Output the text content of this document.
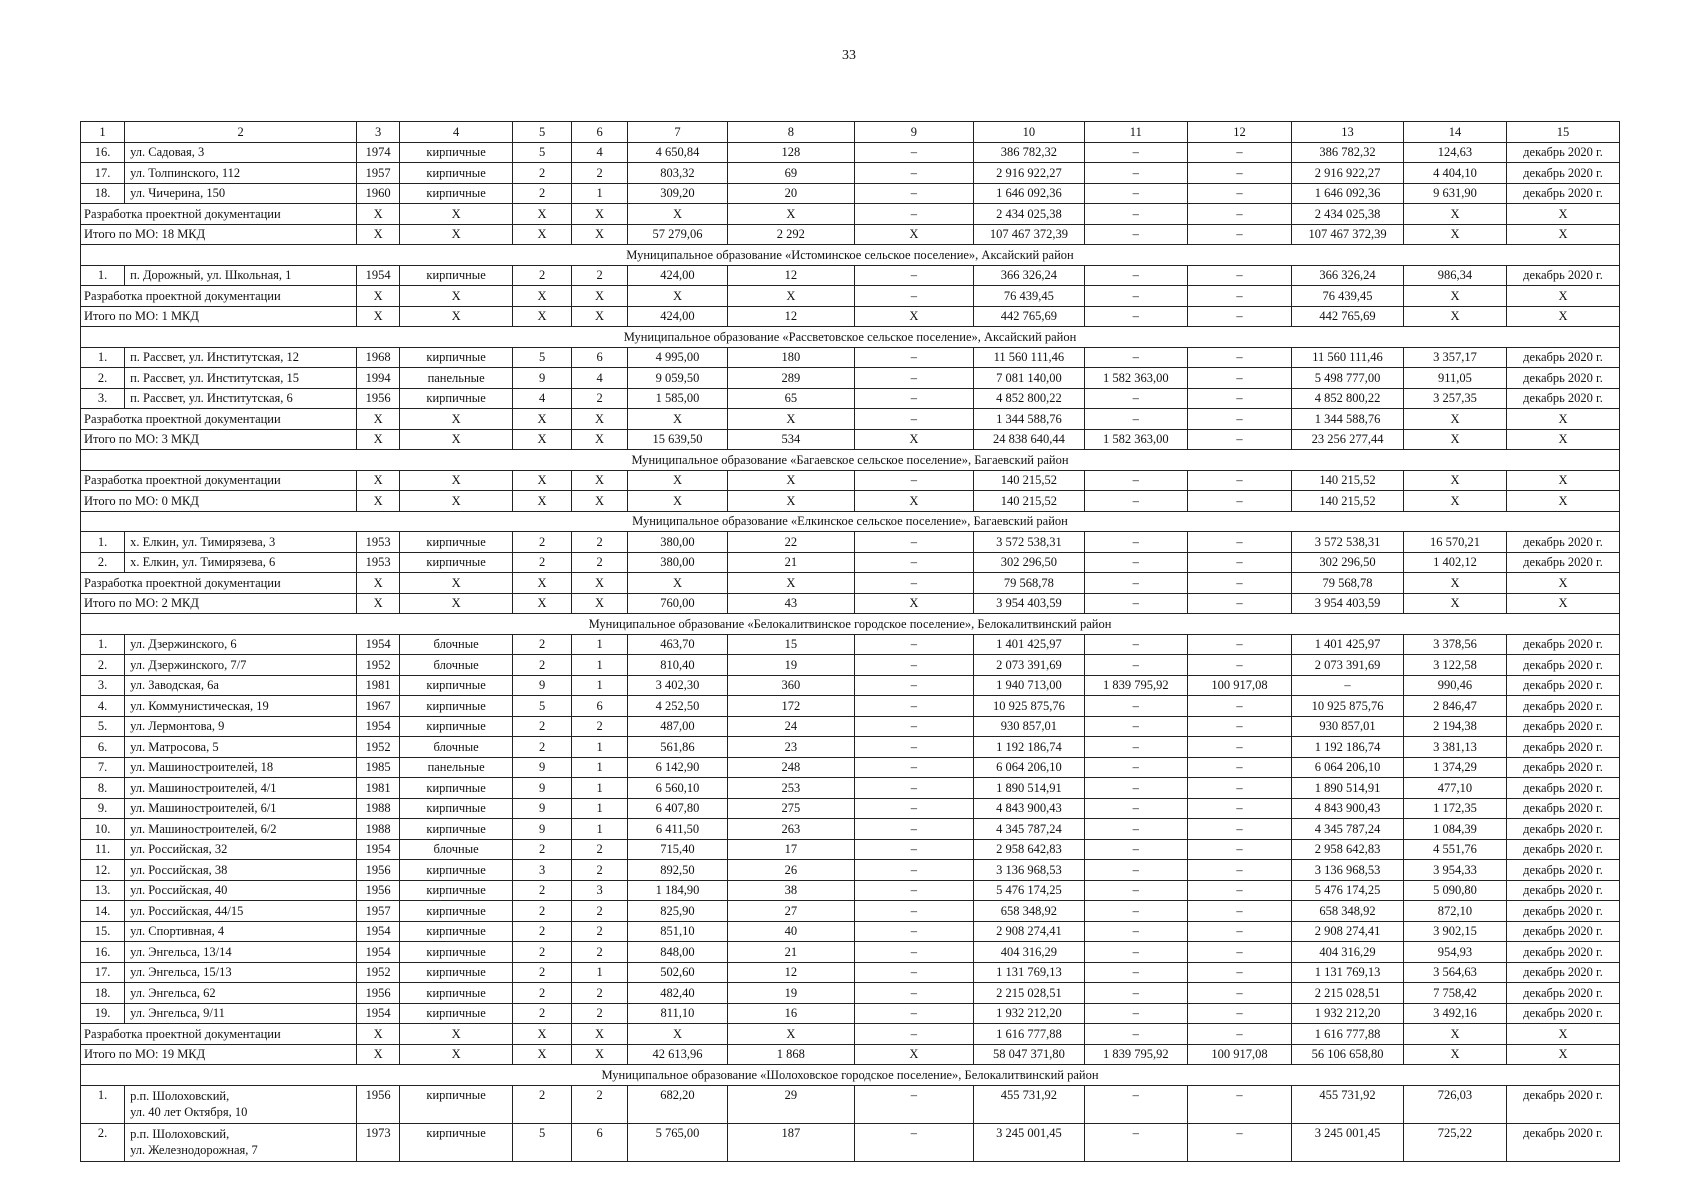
33
1	2	3	4	5	6	7	8	9	10	11	12	13	14	15
16.	ул. Садовая, 3	1974	кирпичные	5	4	4 650,84	128	–	386 782,32	–	–	386 782,32	124,63	декабрь 2020 г.
17.	ул. Толпинского, 112	1957	кирпичные	2	2	803,32	69	–	2 916 922,27	–	–	2 916 922,27	4 404,10	декабрь 2020 г.
18.	ул. Чичерина, 150	1960	кирпичные	2	1	309,20	20	–	1 646 092,36	–	–	1 646 092,36	9 631,90	декабрь 2020 г.
Разработка проектной документации		X	X	X	X	X	X	–	2 434 025,38	–	–	2 434 025,38	X	X
Итого по МО: 18 МКД		X	X	X	X	57 279,06	2 292	X	107 467 372,39	–	–	107 467 372,39	X	X
Муниципальное образование «Истоминское сельское поселение», Аксайский район														
1.	п. Дорожный, ул. Школьная, 1	1954	кирпичные	2	2	424,00	12	–	366 326,24	–	–	366 326,24	986,34	декабрь 2020 г.
Разработка проектной документации		X	X	X	X	X	X	–	76 439,45	–	–	76 439,45	X	X
Итого по МО: 1 МКД		X	X	X	X	424,00	12	X	442 765,69	–	–	442 765,69	X	X
Муниципальное образование «Рассветовское сельское поселение», Аксайский район														
1.	п. Рассвет, ул. Институтская, 12	1968	кирпичные	5	6	4 995,00	180	–	11 560 111,46	–	–	11 560 111,46	3 357,17	декабрь 2020 г.
2.	п. Рассвет, ул. Институтская, 15	1994	панельные	9	4	9 059,50	289	–	7 081 140,00	1 582 363,00	–	5 498 777,00	911,05	декабрь 2020 г.
3.	п. Рассвет, ул. Институтская, 6	1956	кирпичные	4	2	1 585,00	65	–	4 852 800,22	–	–	4 852 800,22	3 257,35	декабрь 2020 г.
Разработка проектной документации		X	X	X	X	X	X	–	1 344 588,76	–	–	1 344 588,76	X	X
Итого по МО: 3 МКД		X	X	X	X	15 639,50	534	X	24 838 640,44	1 582 363,00	–	23 256 277,44	X	X
Муниципальное образование «Багаевское сельское поселение», Багаевский район														
Разработка проектной документации		X	X	X	X	X	X	–	140 215,52	–	–	140 215,52	X	X
Итого по МО: 0 МКД		X	X	X	X	X	X	X	140 215,52	–	–	140 215,52	X	X
Муниципальное образование «Елкинское сельское поселение», Багаевский район														
1.	х. Елкин, ул. Тимирязева, 3	1953	кирпичные	2	2	380,00	22	–	3 572 538,31	–	–	3 572 538,31	16 570,21	декабрь 2020 г.
2.	х. Елкин, ул. Тимирязева, 6	1953	кирпичные	2	2	380,00	21	–	302 296,50	–	–	302 296,50	1 402,12	декабрь 2020 г.
Разработка проектной документации		X	X	X	X	X	X	–	79 568,78	–	–	79 568,78	X	X
Итого по МО: 2 МКД		X	X	X	X	760,00	43	X	3 954 403,59	–	–	3 954 403,59	X	X
Муниципальное образование «Белокалитвинское городское поселение», Белокалитвинский район														
1.	ул. Дзержинского, 6	1954	блочные	2	1	463,70	15	–	1 401 425,97	–	–	1 401 425,97	3 378,56	декабрь 2020 г.
2.	ул. Дзержинского, 7/7	1952	блочные	2	1	810,40	19	–	2 073 391,69	–	–	2 073 391,69	3 122,58	декабрь 2020 г.
3.	ул. Заводская, 6а	1981	кирпичные	9	1	3 402,30	360	–	1 940 713,00	1 839 795,92	100 917,08	–	990,46	декабрь 2020 г.
4.	ул. Коммунистическая, 19	1967	кирпичные	5	6	4 252,50	172	–	10 925 875,76	–	–	10 925 875,76	2 846,47	декабрь 2020 г.
5.	ул. Лермонтова, 9	1954	кирпичные	2	2	487,00	24	–	930 857,01	–	–	930 857,01	2 194,38	декабрь 2020 г.
6.	ул. Матросова, 5	1952	блочные	2	1	561,86	23	–	1 192 186,74	–	–	1 192 186,74	3 381,13	декабрь 2020 г.
7.	ул. Машиностроителей, 18	1985	панельные	9	1	6 142,90	248	–	6 064 206,10	–	–	6 064 206,10	1 374,29	декабрь 2020 г.
8.	ул. Машиностроителей, 4/1	1981	кирпичные	9	1	6 560,10	253	–	1 890 514,91	–	–	1 890 514,91	477,10	декабрь 2020 г.
9.	ул. Машиностроителей, 6/1	1988	кирпичные	9	1	6 407,80	275	–	4 843 900,43	–	–	4 843 900,43	1 172,35	декабрь 2020 г.
10.	ул. Машиностроителей, 6/2	1988	кирпичные	9	1	6 411,50	263	–	4 345 787,24	–	–	4 345 787,24	1 084,39	декабрь 2020 г.
11.	ул. Российская, 32	1954	блочные	2	2	715,40	17	–	2 958 642,83	–	–	2 958 642,83	4 551,76	декабрь 2020 г.
12.	ул. Российская, 38	1956	кирпичные	3	2	892,50	26	–	3 136 968,53	–	–	3 136 968,53	3 954,33	декабрь 2020 г.
13.	ул. Российская, 40	1956	кирпичные	2	3	1 184,90	38	–	5 476 174,25	–	–	5 476 174,25	5 090,80	декабрь 2020 г.
14.	ул. Российская, 44/15	1957	кирпичные	2	2	825,90	27	–	658 348,92	–	–	658 348,92	872,10	декабрь 2020 г.
15.	ул. Спортивная, 4	1954	кирпичные	2	2	851,10	40	–	2 908 274,41	–	–	2 908 274,41	3 902,15	декабрь 2020 г.
16.	ул. Энгельса, 13/14	1954	кирпичные	2	2	848,00	21	–	404 316,29	–	–	404 316,29	954,93	декабрь 2020 г.
17.	ул. Энгельса, 15/13	1952	кирпичные	2	1	502,60	12	–	1 131 769,13	–	–	1 131 769,13	3 564,63	декабрь 2020 г.
18.	ул. Энгельса, 62	1956	кирпичные	2	2	482,40	19	–	2 215 028,51	–	–	2 215 028,51	7 758,42	декабрь 2020 г.
19.	ул. Энгельса, 9/11	1954	кирпичные	2	2	811,10	16	–	1 932 212,20	–	–	1 932 212,20	3 492,16	декабрь 2020 г.
Разработка проектной документации		X	X	X	X	X	X	–	1 616 777,88	–	–	1 616 777,88	X	X
Итого по МО: 19 МКД		X	X	X	X	42 613,96	1 868	X	58 047 371,80	1 839 795,92	100 917,08	56 106 658,80	X	X
Муниципальное образование «Шолоховское городское поселение», Белокалитвинский район														
1.	р.п. Шолоховский,
ул. 40 лет Октября, 10	1956	кирпичные	2	2	682,20	29	–	455 731,92	–	–	455 731,92	726,03	декабрь 2020 г.
2.	р.п. Шолоховский,
ул. Железнодорожная, 7	1973	кирпичные	5	6	5 765,00	187	–	3 245 001,45	–	–	3 245 001,45	725,22	декабрь 2020 г.
